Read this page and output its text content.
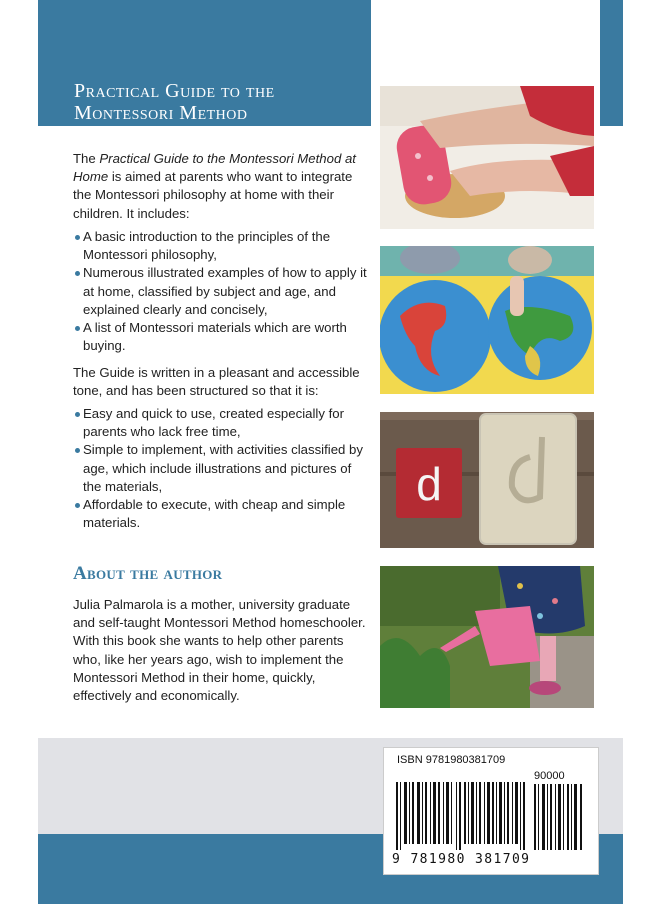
Practical Guide to the
Montessori Method

The Practical Guide to the Montessori Method at Home is aimed at parents who want to integrate the Montessori philosophy at home with their children. It includes:

A basic introduction to the principles of the Montessori philosophy,
Numerous illustrated examples of how to apply it at home, classified by subject and age, and explained clearly and concisely,
A list of Montessori materials which are worth buying.

The Guide is written in a pleasant and accessible tone, and has been structured so that it is:

Easy and quick to use, created especially for parents who lack free time,
Simple to implement, with activities classified by age, which include illustrations and pictures of the materials,
Affordable to execute, with cheap and simple materials.
About the author

Julia Palmarola is a mother, university graduate and self-taught Montessori Method homeschooler. With this book she wants to help other parents who, like her years ago, wish to implement the Montessori Method in their home, quickly, effectively and economically.

d
ISBN 9781980381709
90000
9 781980 381709
